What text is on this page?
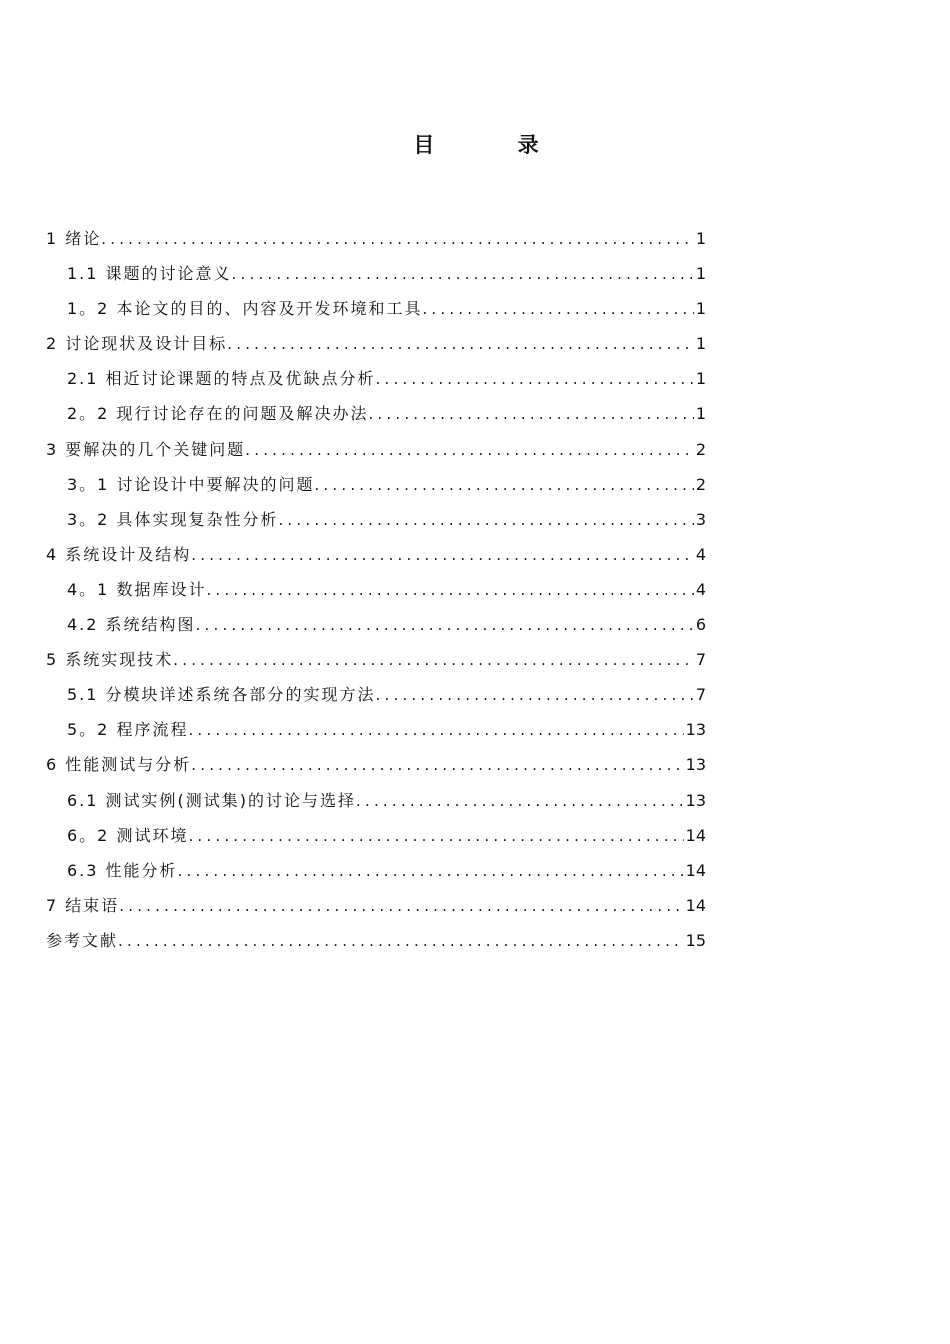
目 录
1 绪论 .....	1
1.1 课题的讨论意义 .....	1
1。2 本论文的目的、内容及开发环境和工具 .....	1
2 讨论现状及设计目标 .....	1
2.1 相近讨论课题的特点及优缺点分析 .....	1
2。2 现行讨论存在的问题及解决办法 .....	1
3 要解决的几个关键问题 .....	2
3。1 讨论设计中要解决的问题 .....	2
3。2 具体实现复杂性分析 .....	3
4 系统设计及结构 .....	4
4。1 数据库设计 .....	4
4.2 系统结构图 .....	6
5 系统实现技术 .....	7
5.1 分模块详述系统各部分的实现方法 .....	7
5。2 程序流程 .....	13
6 性能测试与分析 .....	13
6.1 测试实例(测试集)的讨论与选择 .....	13
6。2 测试环境 .....	14
6.3 性能分析 .....	14
7 结束语 .....	14
参考文献 .....	15
